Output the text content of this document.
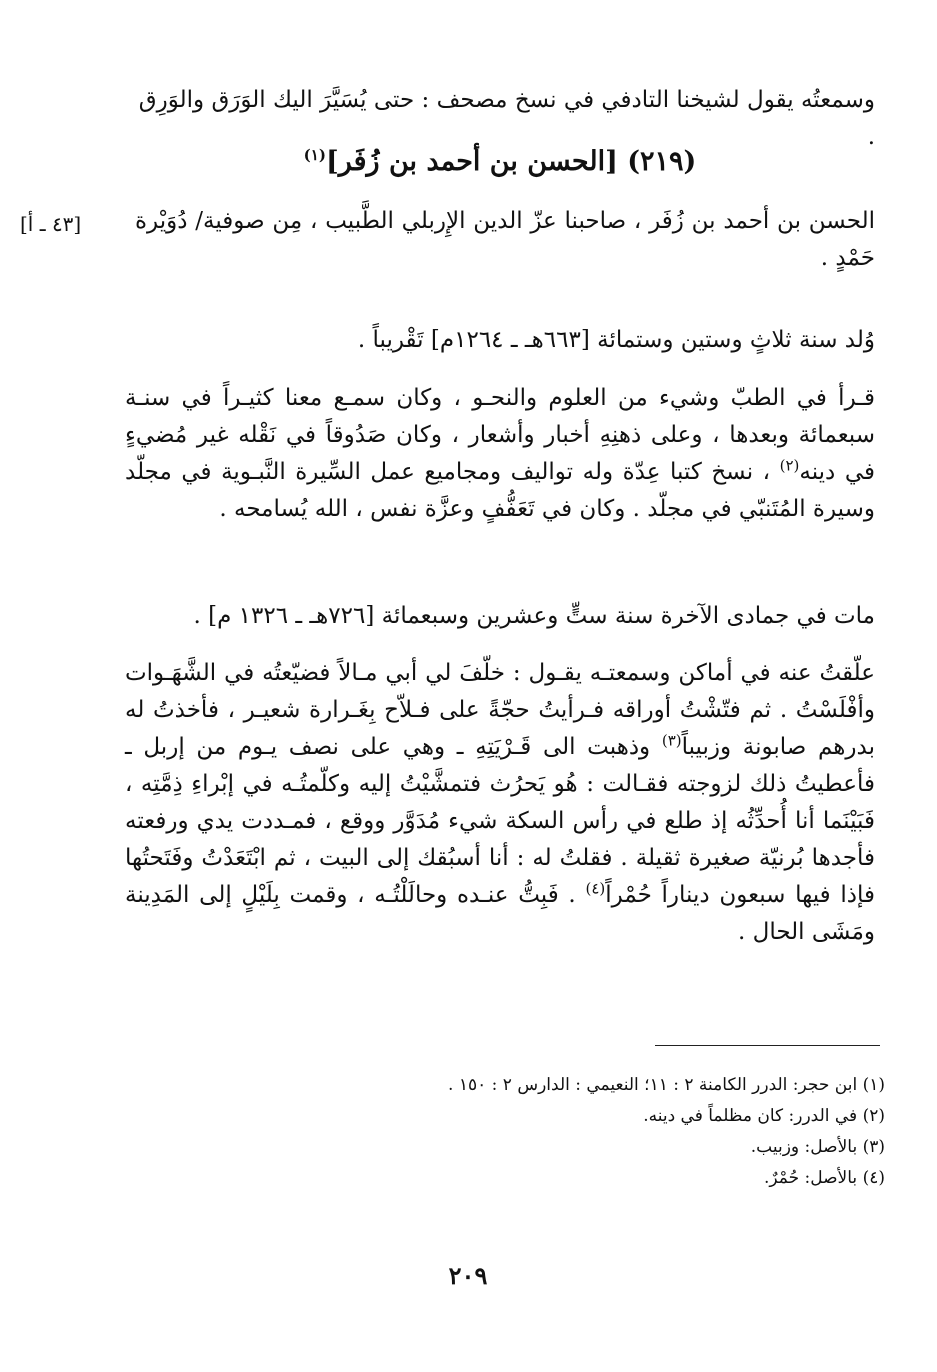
وسمعتُه يقول لشيخنا التادفي في نسخ مصحف : حتى يُسَيَّرَ اليك الوَرَق والوَرِق .
(٢١٩) [الحسن بن أحمد بن زُفَر]$^{(١)}$
الحسن بن أحمد بن زُفَر ، صاحبنا عزّ الدين الإِربلي الطَّبيب ، مِن صوفية/ دُوَيْرة حَمْدٍ .
[٤٣ ـ أ]
وُلد سنة ثلاثٍ وستين وستمائة [٦٦٣هـ ـ ١٢٦٤م] تَقْريباً .
قـرأ في الطبّ وشيء من العلوم والنحـو ، وكان سمـع معنا كثيـراً في سنـة سبعمائة وبعدها ، وعلى ذهنِهِ أخبار وأشعار ، وكان صَدُوقاً في نَقْله غير مُضيءٍ في دينه$^{(٢)}$ ، نسخ كتبا عِدّة وله تواليف ومجاميع عمل السِّيرة النَّبـوية في مجلّد وسيرة المُتَنبّي في مجلّد . وكان في تَعَفُّفٍ وعزَّة نفس ، الله يُسامحه .
مات في جمادى الآخرة سنة ستٍّ وعشرين وسبعمائة [٧٢٦هـ ـ ١٣٢٦ م] .
علّقتُ عنه في أماكن وسمعتـه يقـول : خلّفَ لي أبي مـالاً فضيّعتُه في الشَّهَـوات وأفْلَسْتُ . ثم فتّشْتُ أوراقه فـرأيتُ حجّةً على فـلاّح بِغَـرارة شعيـر ، فأخذتُ له بدرهم صابونة وزبيباً$^{(٣)}$ وذهبت الى قَـرْيَتِهِ ـ وهي على نصف يـوم من إربل ـ فأعطيتُ ذلك لزوجته فقـالت : هُو يَحرُث فتمشَّيْتُ إليه وكلّمتُـه في إبْراءِ ذِمَّتِه ، فَبَيْنَما أنا أُحدِّثُه إذ طلع في رأس السكة شيء مُدَوَّر ووقع ، فمـددت يدي ورفعته فأجدها بُرنيّة صغيرة ثقيلة . فقلتُ له : أنا أسبُقك إلى البيت ، ثم ابْتَعَدْتُ وفَتَحتُها فإذا فيها سبعون ديناراً حُمْراً$^{(٤)}$ . فَبِتُّ عنـده وحالَلْتُـه ، وقمت بِلَيْلٍ إلى المَدِينة ومَشَى الحال .
(١) ابن حجر: الدرر الكامنة ٢ : ١١؛ النعيمي : الدارس ٢ : ١٥٠ .
(٢) في الدرر: كان مظلماً في دينه.
(٣) بالأصل: وزبيب.
(٤) بالأصل: حُمْرٌ.
٢٠٩
